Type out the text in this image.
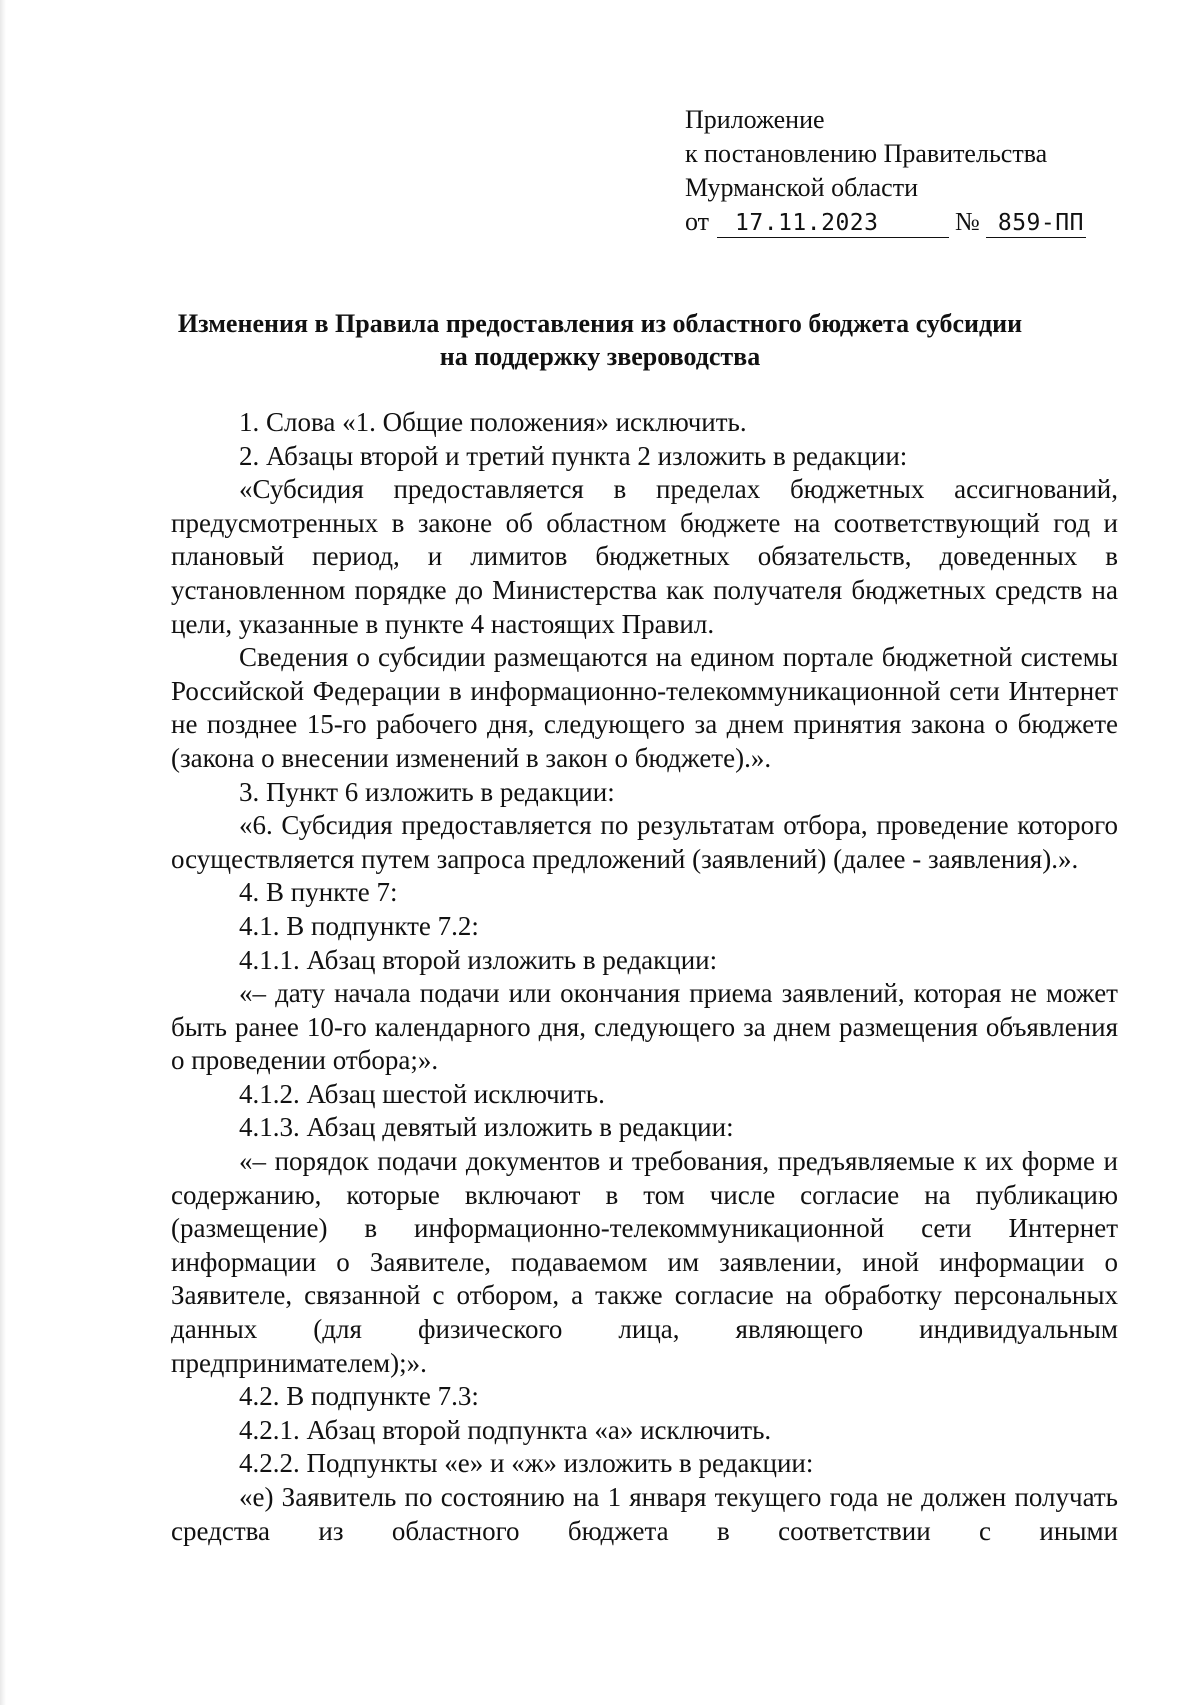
Приложение
к постановлению Правительства
Мурманской области
от	17.11.2023	№ 859-ПП
Изменения в Правила предоставления из областного бюджета субсидии
на поддержку звероводства

1. Слова «1. Общие положения» исключить.

2. Абзацы второй и третий пункта 2 изложить в редакции:

«Субсидия предоставляется в пределах бюджетных ассигнований, предусмотренных в законе об областном бюджете на соответствующий год и плановый период, и лимитов бюджетных обязательств, доведенных в установленном порядке до Министерства как получателя бюджетных средств на цели, указанные в пункте 4 настоящих Правил.

Сведения о субсидии размещаются на едином портале бюджетной системы Российской Федерации в информационно-телекоммуникационной сети Интернет не позднее 15-го рабочего дня, следующего за днем принятия закона о бюджете (закона о внесении изменений в закон о бюджете).».

3. Пункт 6 изложить в редакции:

«6. Субсидия предоставляется по результатам отбора, проведение которого осуществляется путем запроса предложений (заявлений) (далее - заявления).».

4. В пункте 7:

4.1. В подпункте 7.2:

4.1.1. Абзац второй изложить в редакции:

«– дату начала подачи или окончания приема заявлений, которая не может быть ранее 10-го календарного дня, следующего за днем размещения объявления о проведении отбора;».

4.1.2. Абзац шестой исключить.

4.1.3. Абзац девятый изложить в редакции:

«– порядок подачи документов и требования, предъявляемые к их форме и содержанию, которые включают в том числе согласие на публикацию (размещение) в информационно-телекоммуникационной сети Интернет информации о Заявителе, подаваемом им заявлении, иной информации о Заявителе, связанной с отбором, а также согласие на обработку персональных данных (для физического лица, являющего индивидуальным предпринимателем);».

4.2. В подпункте 7.3:

4.2.1. Абзац второй подпункта «а» исключить.

4.2.2. Подпункты «е» и «ж» изложить в редакции:

«е) Заявитель по состоянию на 1 января текущего года не должен получать средства из областного бюджета в соответствии с иными
